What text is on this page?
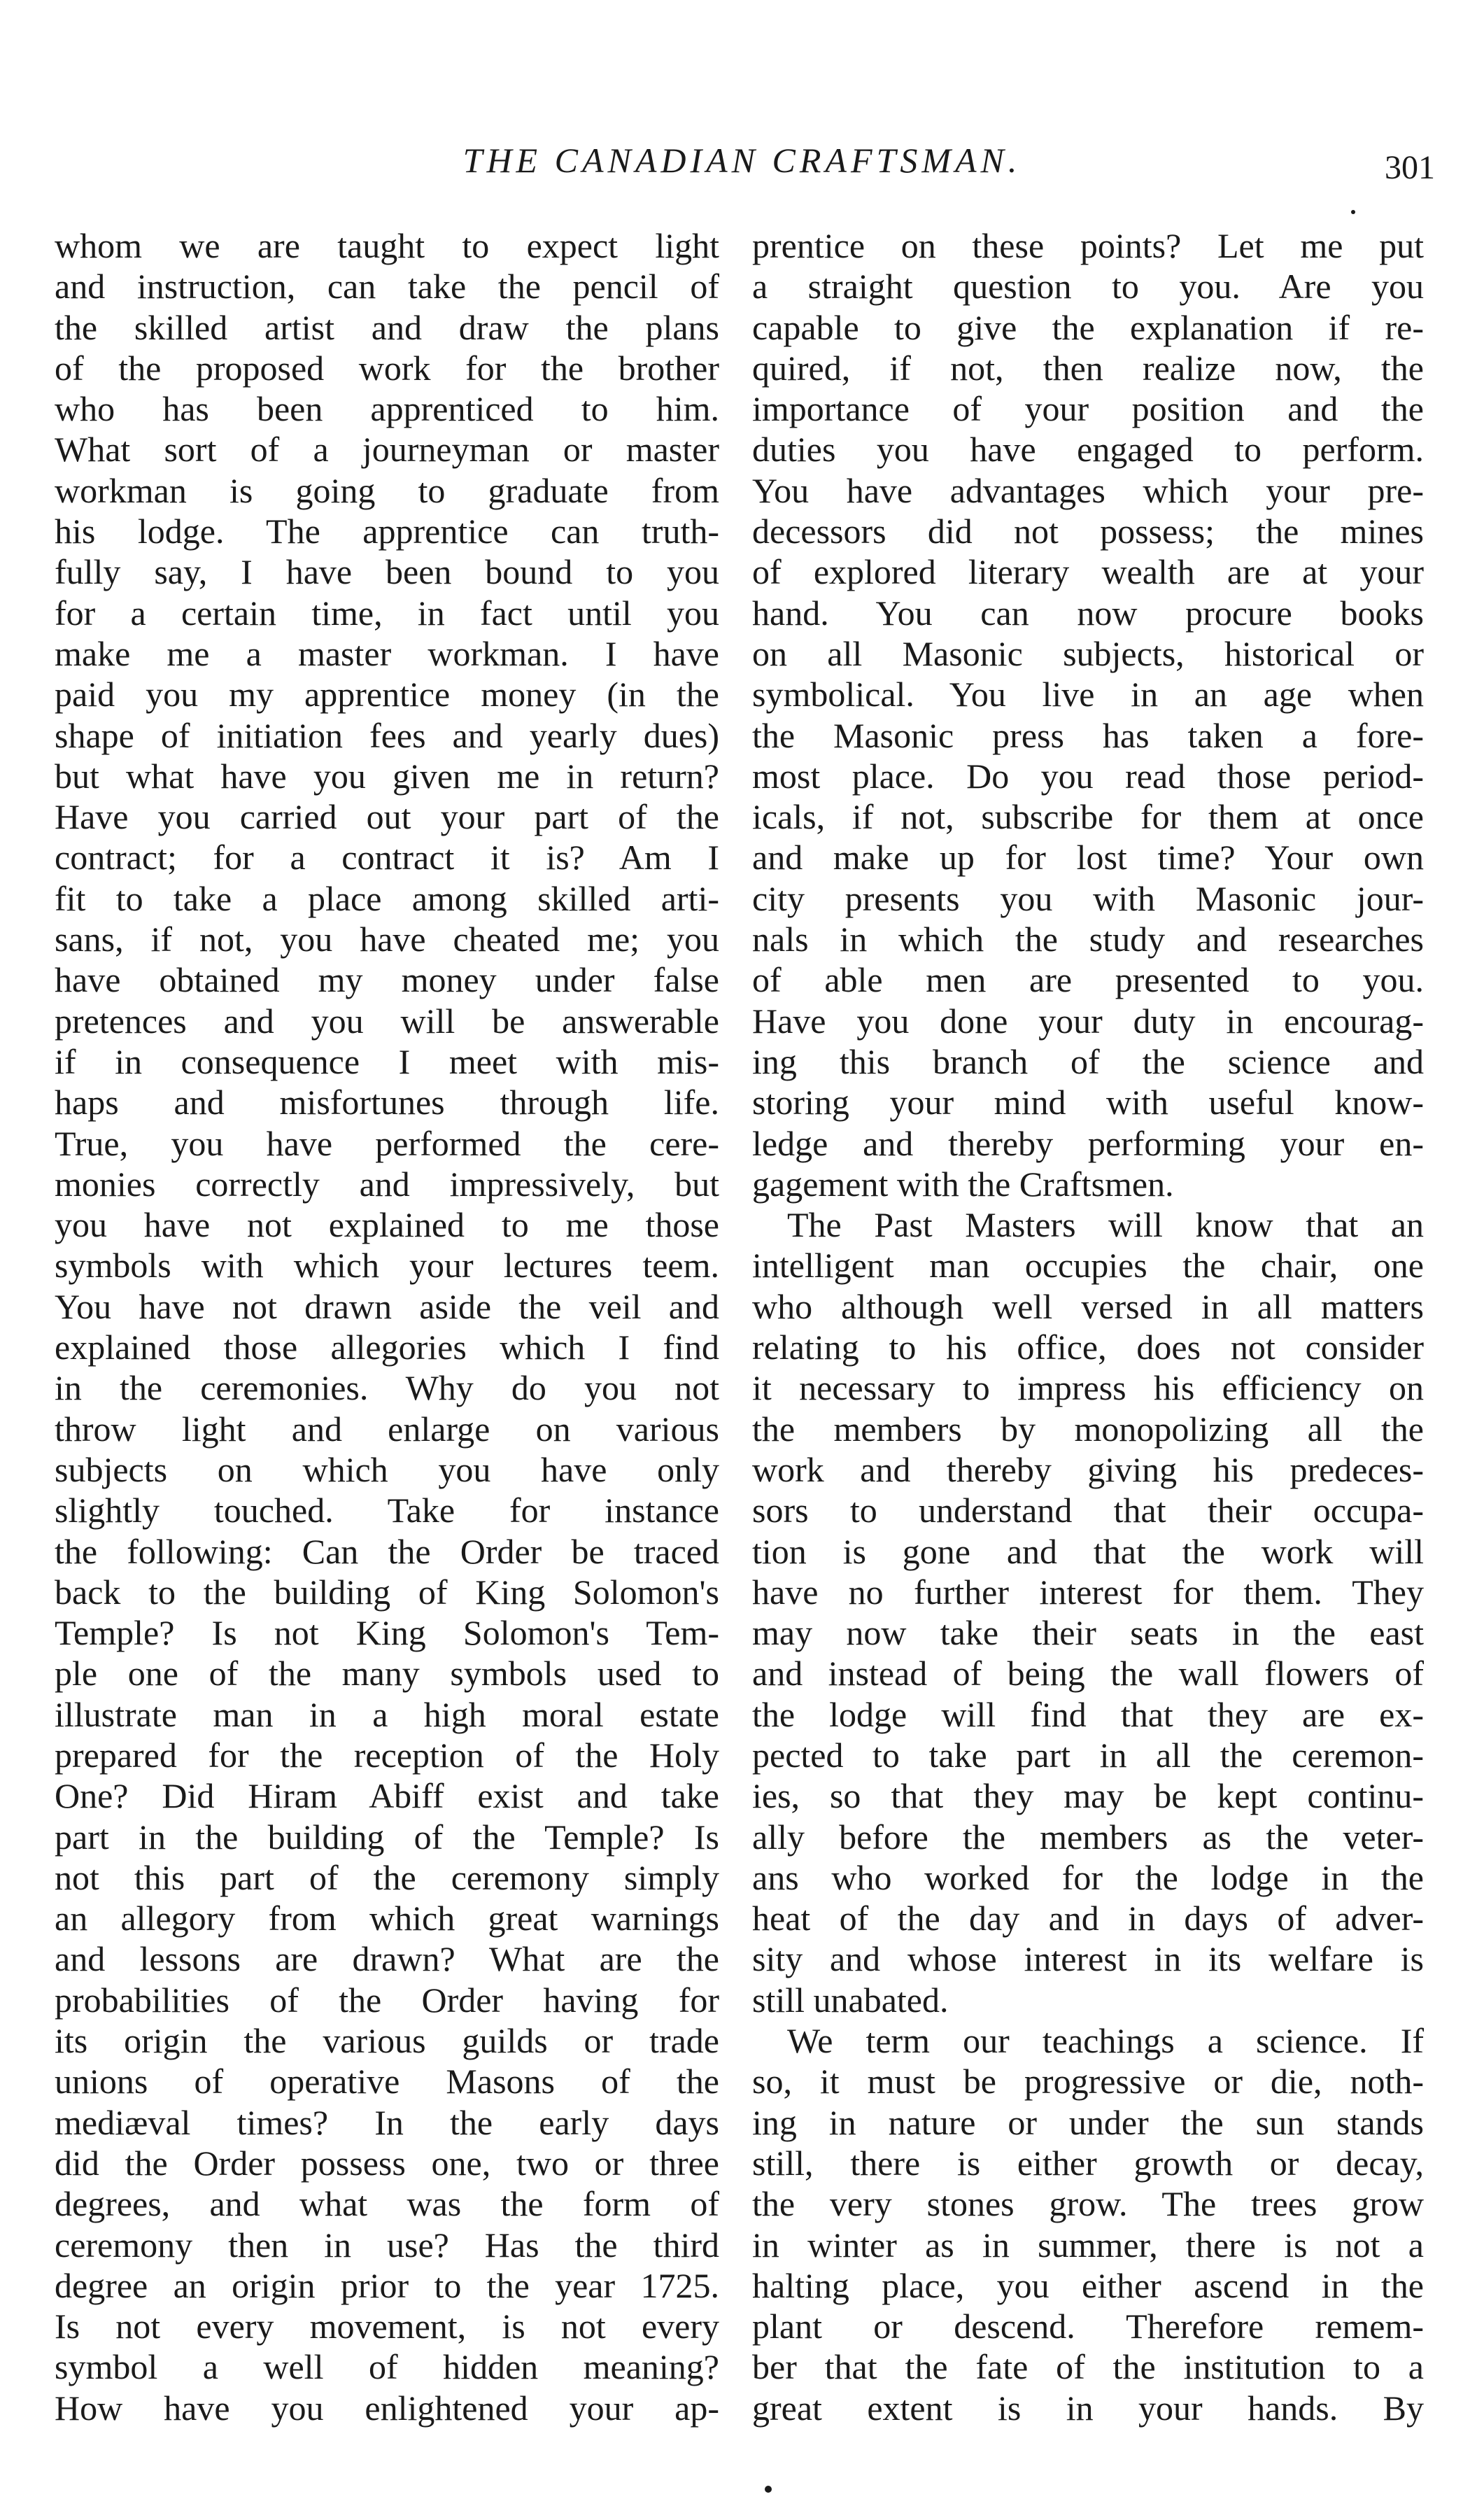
THE CANADIAN CRAFTSMAN.	301
whom we are taught to expect light
and instruction, can take the pencil of
the skilled artist and draw the plans
of the proposed work for the brother
who has been apprenticed to him.
What sort of a journeyman or master
workman is going to graduate from
his lodge. The apprentice can truth-
fully say, I have been bound to you
for a certain time, in fact until you
make me a master workman. I have
paid you my apprentice money (in the
shape of initiation fees and yearly dues)
but what have you given me in return?
Have you carried out your part of the
contract; for a contract it is? Am I
fit to take a place among skilled arti-
sans, if not, you have cheated me; you
have obtained my money under false
pretences and you will be answerable
if in consequence I meet with mis-
haps and misfortunes through life.
True, you have performed the cere-
monies correctly and impressively, but
you have not explained to me those
symbols with which your lectures teem.
You have not drawn aside the veil and
explained those allegories which I find
in the ceremonies. Why do you not
throw light and enlarge on various
subjects on which you have only
slightly touched. Take for instance
the following: Can the Order be traced
back to the building of King Solomon's
Temple? Is not King Solomon's Tem-
ple one of the many symbols used to
illustrate man in a high moral estate
prepared for the reception of the Holy
One? Did Hiram Abiff exist and take
part in the building of the Temple? Is
not this part of the ceremony simply
an allegory from which great warnings
and lessons are drawn? What are the
probabilities of the Order having for
its origin the various guilds or trade
unions of operative Masons of the
mediæval times? In the early days
did the Order possess one, two or three
degrees, and what was the form of
ceremony then in use? Has the third
degree an origin prior to the year 1725.
Is not every movement, is not every
symbol a well of hidden meaning?
How have you enlightened your ap-
prentice on these points? Let me put
a straight question to you. Are you
capable to give the explanation if re-
quired, if not, then realize now, the
importance of your position and the
duties you have engaged to perform.
You have advantages which your pre-
decessors did not possess; the mines
of explored literary wealth are at your
hand. You can now procure books
on all Masonic subjects, historical or
symbolical. You live in an age when
the Masonic press has taken a fore-
most place. Do you read those period-
icals, if not, subscribe for them at once
and make up for lost time? Your own
city presents you with Masonic jour-
nals in which the study and researches
of able men are presented to you.
Have you done your duty in encourag-
ing this branch of the science and
storing your mind with useful know-
ledge and thereby performing your en-
gagement with the Craftsmen.
The Past Masters will know that an
intelligent man occupies the chair, one
who although well versed in all matters
relating to his office, does not consider
it necessary to impress his efficiency on
the members by monopolizing all the
work and thereby giving his predeces-
sors to understand that their occupa-
tion is gone and that the work will
have no further interest for them. They
may now take their seats in the east
and instead of being the wall flowers of
the lodge will find that they are ex-
pected to take part in all the ceremon-
ies, so that they may be kept continu-
ally before the members as the veter-
ans who worked for the lodge in the
heat of the day and in days of adver-
sity and whose interest in its welfare is
still unabated.
We term our teachings a science. If
so, it must be progressive or die, noth-
ing in nature or under the sun stands
still, there is either growth or decay,
the very stones grow. The trees grow
in winter as in summer, there is not a
halting place, you either ascend in the
plant or descend. Therefore remem-
ber that the fate of the institution to a
great extent is in your hands. By
